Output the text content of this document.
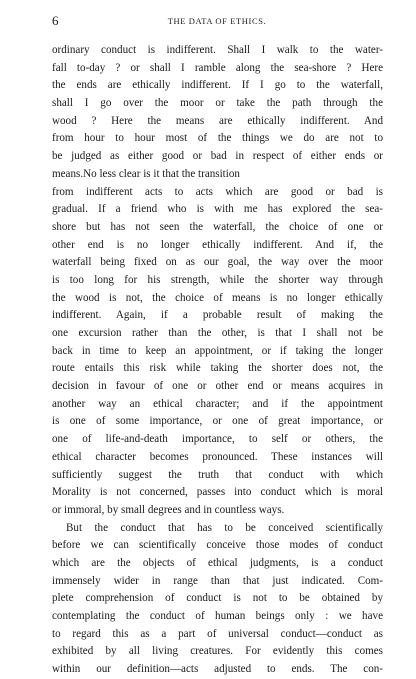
6	THE DATA OF ETHICS.
ordinary conduct is indifferent. Shall I walk to the water-
fall to-day ? or shall I ramble along the sea-shore ? Here
the ends are ethically indifferent. If I go to the waterfall,
shall I go over the moor or take the path through the
wood ? Here the means are ethically indifferent. And
from hour to hour most of the things we do are not to
be judged as either good or bad in respect of either ends or
means. No less clear is it that the transition
from indifferent acts to acts which are good or bad is
gradual. If a friend who is with me has explored the sea-
shore but has not seen the waterfall, the choice of one or
other end is no longer ethically indifferent. And if, the
waterfall being fixed on as our goal, the way over the moor
is too long for his strength, while the shorter way through
the wood is not, the choice of means is no longer ethically
indifferent. Again, if a probable result of making the
one excursion rather than the other, is that I shall not be
back in time to keep an appointment, or if taking the longer
route entails this risk while taking the shorter does not, the
decision in favour of one or other end or means acquires in
another way an ethical character; and if the appointment
is one of some importance, or one of great importance, or
one of life-and-death importance, to self or others, the
ethical character becomes pronounced. These instances will
sufficiently suggest the truth that conduct with which
Morality is not concerned, passes into conduct which is moral
or immoral, by small degrees and in countless ways.
But the conduct that has to be conceived scientifically
before we can scientifically conceive those modes of conduct
which are the objects of ethical judgments, is a conduct
immensely wider in range than that just indicated. Com-
plete comprehension of conduct is not to be obtained by
contemplating the conduct of human beings only : we have
to regard this as a part of universal conduct—conduct as
exhibited by all living creatures. For evidently this comes
within our definition—acts adjusted to ends. The con-
